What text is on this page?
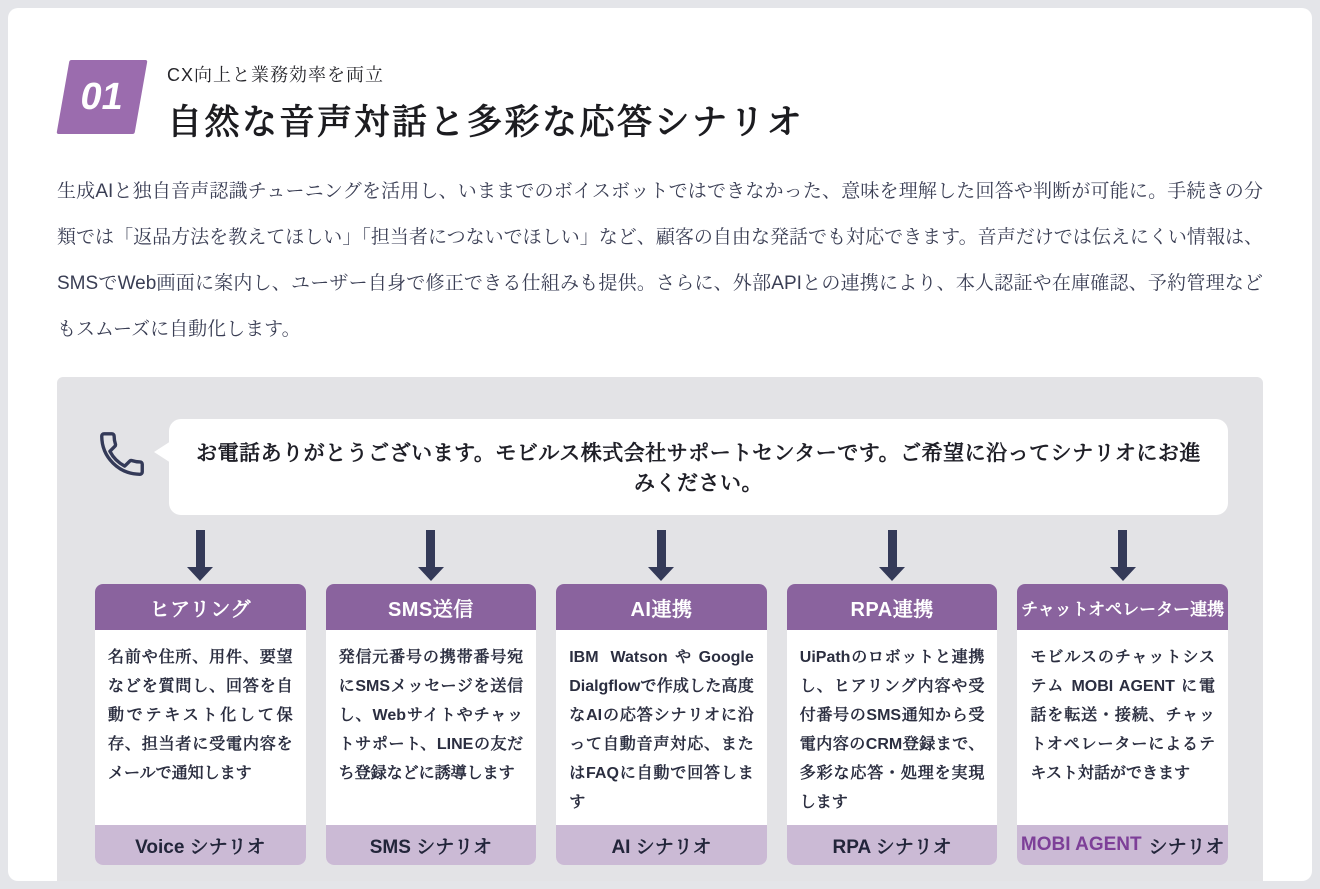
01
CX向上と業務効率を両立
自然な音声対話と多彩な応答シナリオ

生成AIと独自音声認識チューニングを活用し、いままでのボイスボットではできなかった、意味を理解した回答や判断が可能に。手続きの分類では「返品方法を教えてほしい」「担当者につないでほしい」など、顧客の自由な発話でも対応できます。音声だけでは伝えにくい情報は、SMSでWeb画面に案内し、ユーザー自身で修正できる仕組みも提供。さらに、外部APIとの連携により、本人認証や在庫確認、予約管理などもスムーズに自動化します。

お電話ありがとうございます。モビルス株式会社サポートセンターです。ご希望に沿ってシナリオにお進みください。
ヒアリング
名前や住所、用件、要望などを質問し、回答を自動でテキスト化して保存、担当者に受電内容をメールで通知します
Voice シナリオ
SMS送信
発信元番号の携帯番号宛にSMSメッセージを送信し、Webサイトやチャットサポート、LINEの友だち登録などに誘導します
SMS シナリオ
AI連携
IBM WatsonやGoogle Dialgflowで作成した高度なAIの応答シナリオに沿って自動音声対応、またはFAQに自動で回答します
AI シナリオ
RPA連携
UiPathのロボットと連携し、ヒアリング内容や受付番号のSMS通知から受電内容のCRM登録まで、多彩な応答・処理を実現します
RPA シナリオ
チャットオペレーター連携
モビルスのチャットシステム MOBI AGENT に電話を転送・接続、チャットオペレーターによるテキスト対話ができます
MOBI AGENT シナリオ
